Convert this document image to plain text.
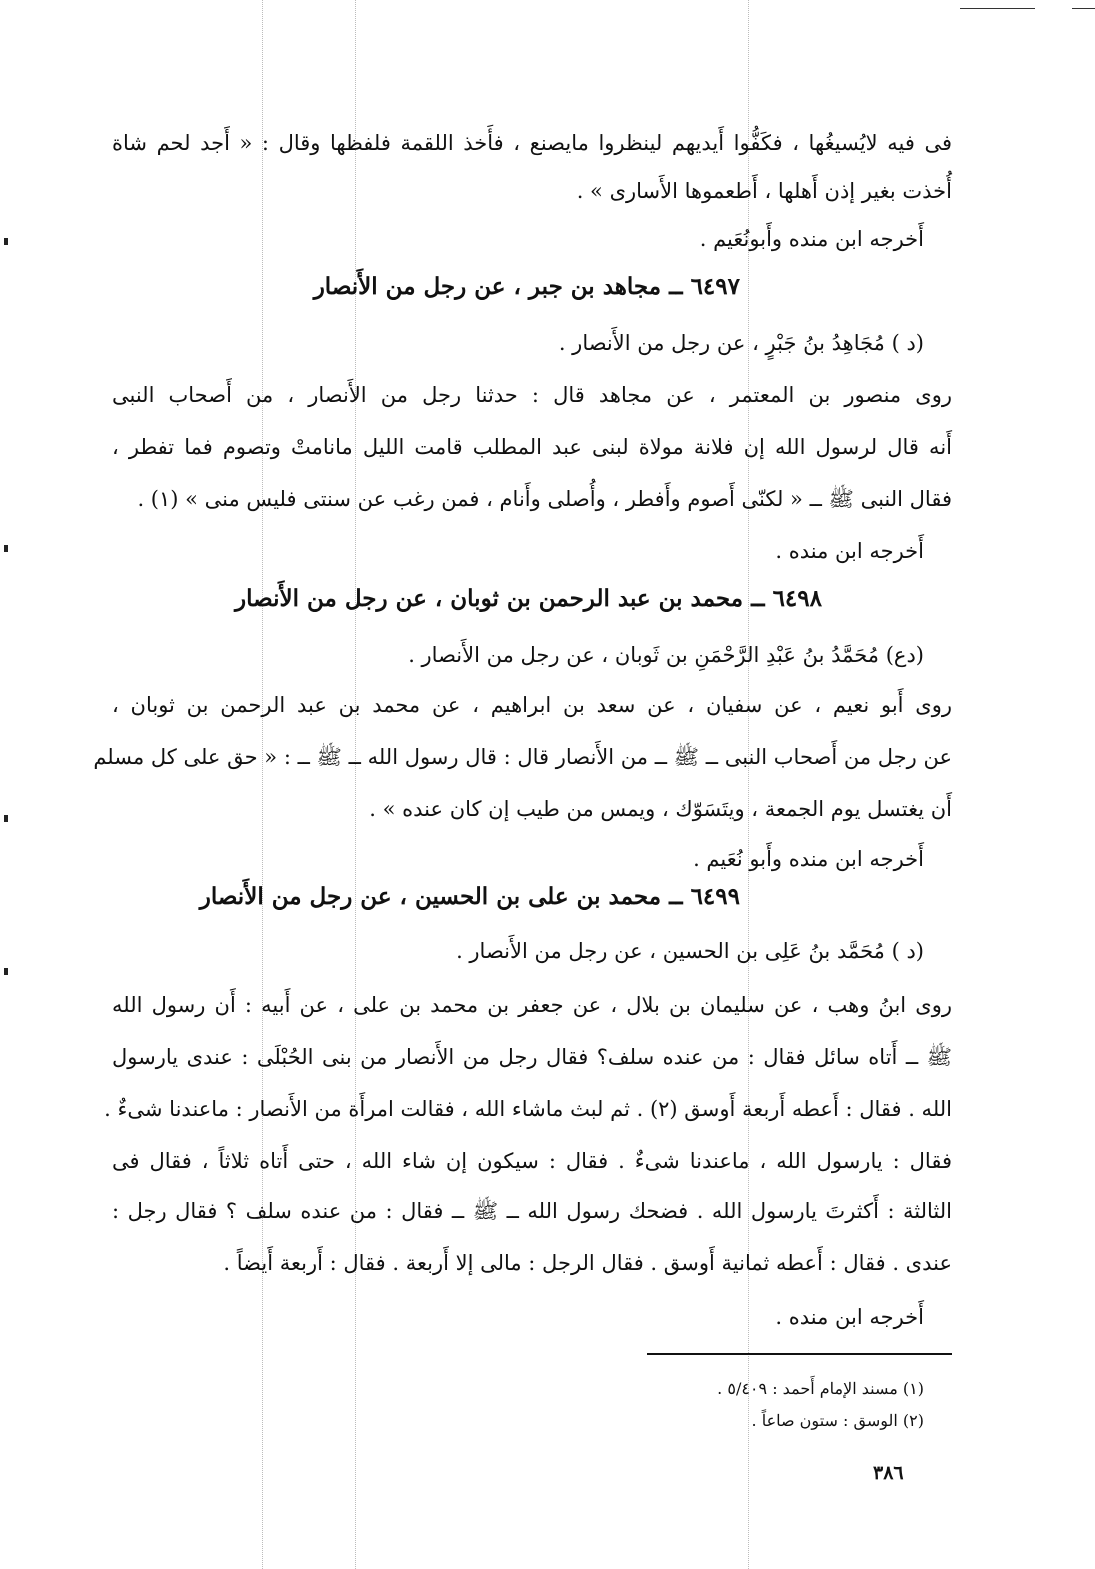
فى فيه لايُسيغُها ، فكَفُّوا أَيديهم لينظروا مايصنع ، فأَخذ اللقمة فلفظها وقال : « أَجد لحم شاة
أُخذت بغير إذن أَهلها ، أَطعموها الأَسارى » .
أَخرجه ابن منده وأَبونُعَيم .
٦٤٩٧ ــ مجاهد بن جبر ، عن رجل من الأَنصار
(د ) مُجَاهِدُ بنُ جَبْرٍ ، عن رجل من الأَنصار .
روى منصور بن المعتمر ، عن مجاهد قال : حدثنا رجل من الأَنصار ، من أَصحاب النبى
أَنه قال لرسول الله إن فلانة مولاة لبنى عبد المطلب قامت الليل مانامتْ وتصوم فما تفطر ،
فقال النبى ﷺ ــ « لكنّى أَصوم وأَفطر ، وأُصلى وأَنام ، فمن رغب عن سنتى فليس منى » (١) .
أَخرجه ابن منده .
٦٤٩٨ ــ محمد بن عبد الرحمن بن ثوبان ، عن رجل من الأَنصار
(دع) مُحَمَّدُ بنُ عَبْدِ الرَّحْمَنِ بن ثَوبان ، عن رجل من الأَنصار .
روى أَبو نعيم ، عن سفيان ، عن سعد بن ابراهيم ، عن محمد بن عبد الرحمن بن ثوبان ،
عن رجل من أَصحاب النبى ــ ﷺ ــ من الأَنصار قال : قال رسول الله ــ ﷺ ــ : « حق على كل مسلم
أَن يغتسل يوم الجمعة ، ويتَسَوّك ، ويمس من طيب إن كان عنده » .
أَخرجه ابن منده وأَبو نُعَيم .
٦٤٩٩ ــ محمد بن على بن الحسين ، عن رجل من الأَنصار
(د ) مُحَمَّد بنُ عَلِى بن الحسين ، عن رجل من الأَنصار .
روى ابنُ وهب ، عن سليمان بن بلال ، عن جعفر بن محمد بن على ، عن أَبيه : أَن رسول الله
ﷺ ــ أَتاه سائل فقال : من عنده سلف؟ فقال رجل من الأَنصار من بنى الحُبْلَى : عندى يارسول
الله . فقال : أَعطه أَربعة أَوسق (٢) . ثم لبث ماشاء الله ، فقالت امرأَة من الأَنصار : ماعندنا شىءٌ .
فقال : يارسول الله ، ماعندنا شىءٌ . فقال : سيكون إن شاء الله ، حتى أَتاه ثلاثاً ، فقال فى
الثالثة : أَكثرتَ يارسول الله . فضحك رسول الله ــ ﷺ ــ فقال : من عنده سلف ؟ فقال رجل :
عندى . فقال : أَعطه ثمانية أَوسق . فقال الرجل : مالى إلا أَربعة . فقال : أَربعة أَيضاً .
أَخرجه ابن منده .
(١) مسند الإمام أَحمد : ٥/٤٠٩ .
(٢) الوسق : ستون صاعاً .
٣٨٦
